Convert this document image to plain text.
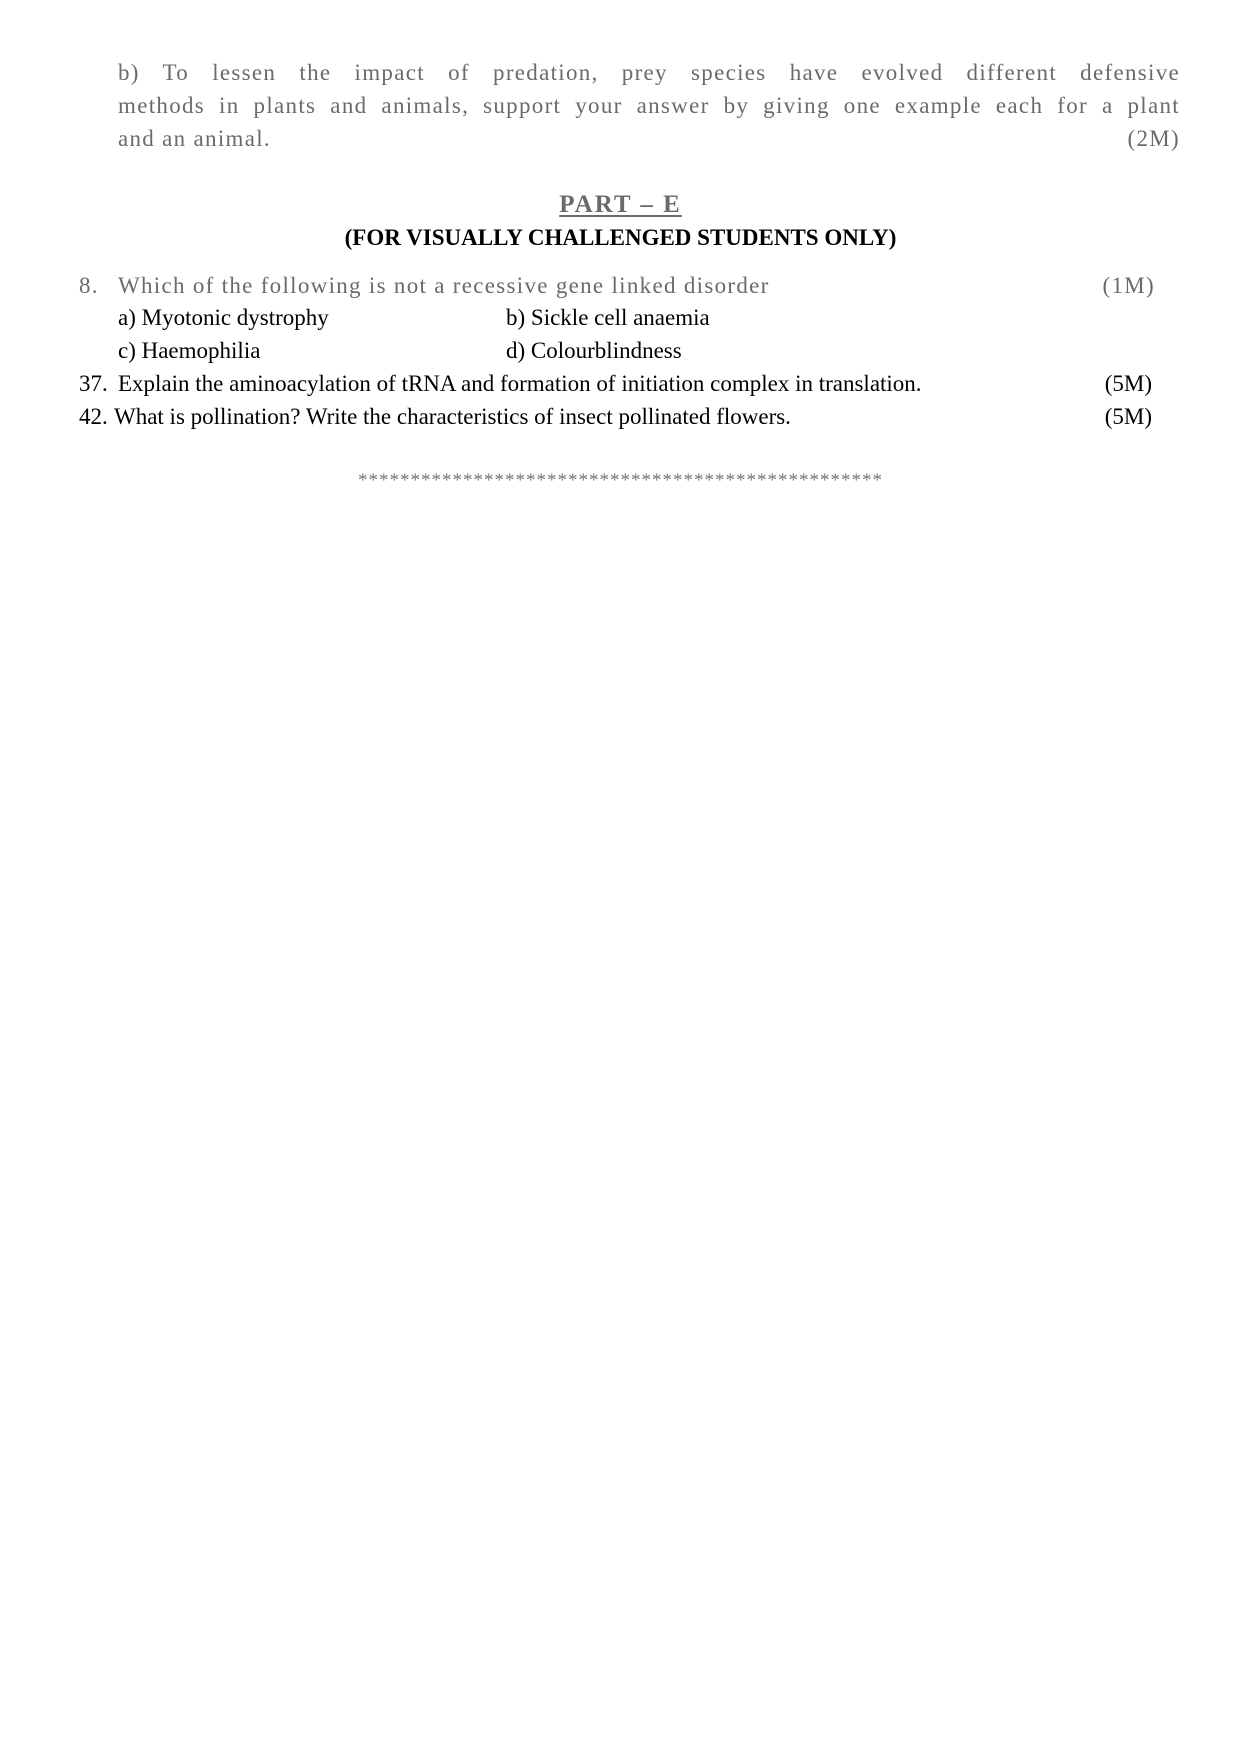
b) To lessen the impact of predation, prey species have evolved different defensive
methods in plants and animals, support your answer by giving one example each for a plant
and an animal.	(2M)
PART – E
(FOR VISUALLY CHALLENGED STUDENTS ONLY)
8. Which of the following is not a recessive gene linked disorder	(1M)
a) Myotonic dystrophy	b) Sickle cell anaemia
c) Haemophilia	d) Colourblindness
37. Explain the aminoacylation of tRNA and formation of initiation complex in translation.	(5M)
42. What is pollination? Write the characteristics of insect pollinated flowers.	(5M)
**************************************************
